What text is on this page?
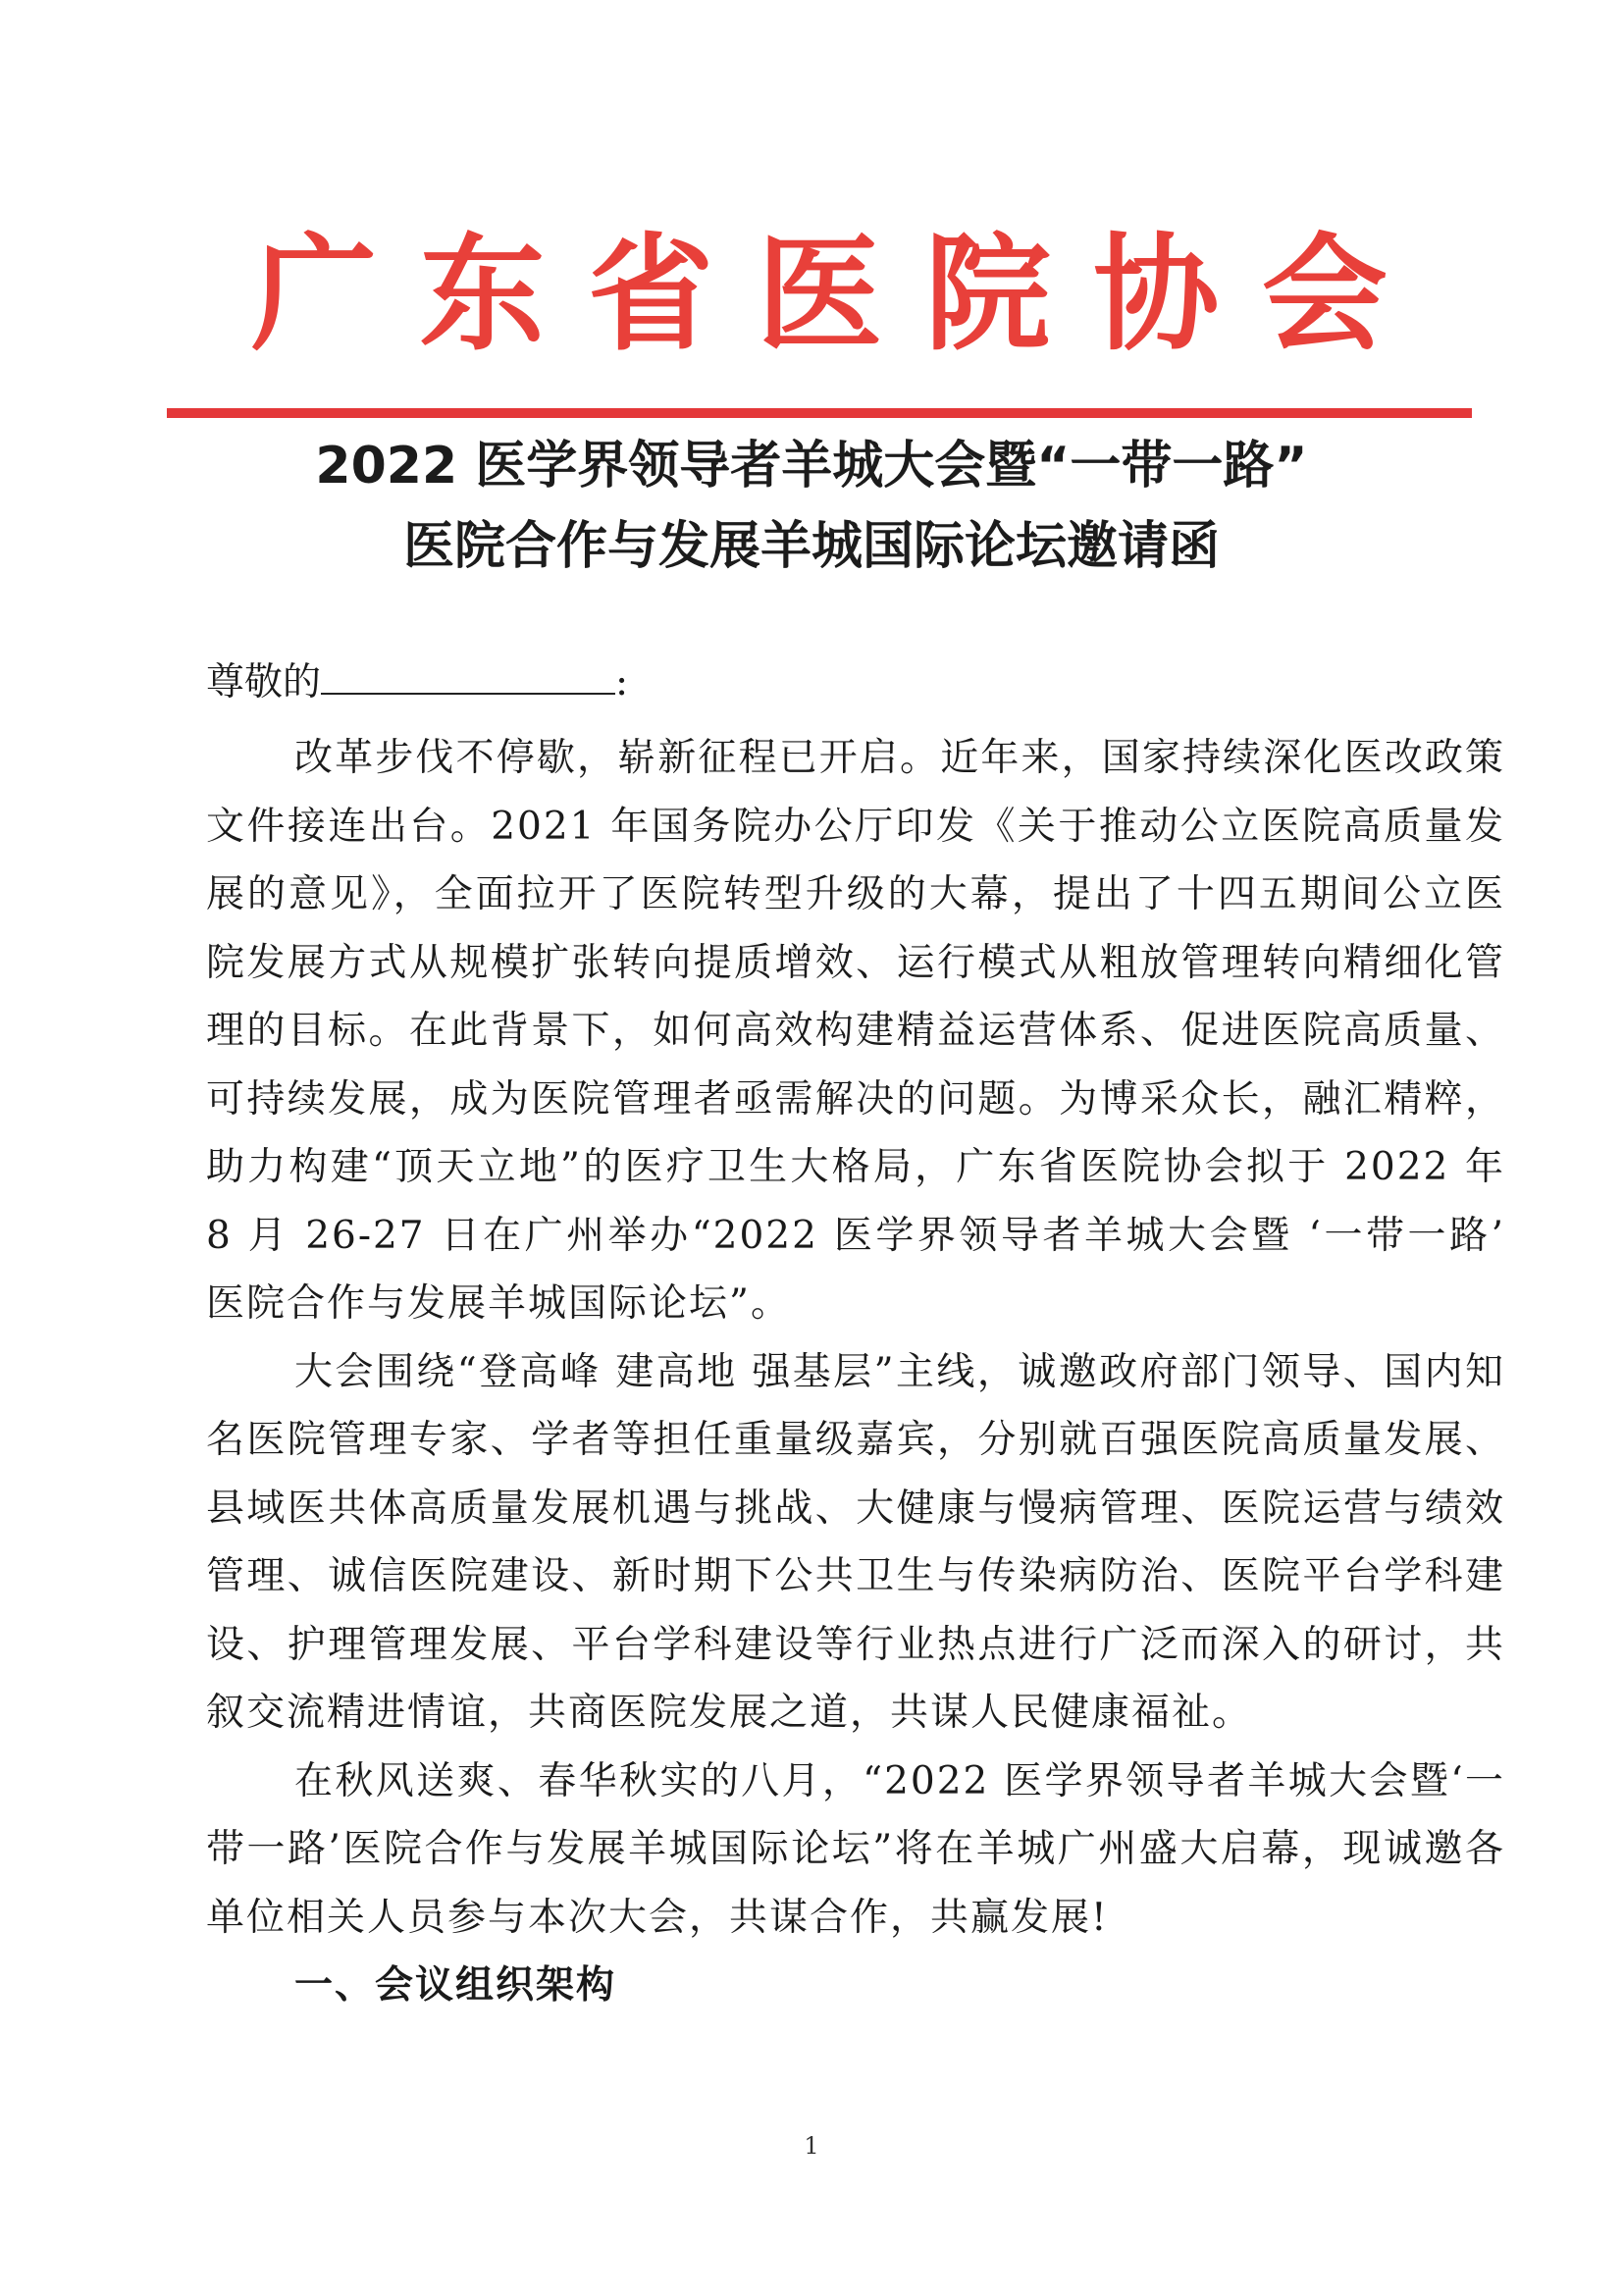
广 东 省 医 院 协 会
2022 医学界领导者羊城大会暨“一带一路”
医院合作与发展羊城国际论坛邀请函
尊敬的	:

改革步伐不停歇，崭新征程已开启。近年来，国家持续深化医改政策文件接连出台。2021 年国务院办公厅印发《关于推动公立医院高质量发展的意见》，全面拉开了医院转型升级的大幕，提出了十四五期间公立医院发展方式从规模扩张转向提质增效、运行模式从粗放管理转向精细化管理的目标。在此背景下，如何高效构建精益运营体系、促进医院高质量、可持续发展，成为医院管理者亟需解决的问题。为博采众长，融汇精粹，助力构建“顶天立地”的医疗卫生大格局，广东省医院协会拟于 2022 年 8 月 26-27 日在广州举办“2022 医学界领导者羊城大会暨 ‘一带一路’ 医院合作与发展羊城国际论坛”。

大会围绕“登高峰 建高地 强基层”主线，诚邀政府部门领导、国内知名医院管理专家、学者等担任重量级嘉宾，分别就百强医院高质量发展、县域医共体高质量发展机遇与挑战、大健康与慢病管理、医院运营与绩效管理、诚信医院建设、新时期下公共卫生与传染病防治、医院平台学科建设、护理管理发展、平台学科建设等行业热点进行广泛而深入的研讨，共叙交流精进情谊，共商医院发展之道，共谋人民健康福祉。

在秋风送爽、春华秋实的八月，“2022 医学界领导者羊城大会暨‘一带一路’医院合作与发展羊城国际论坛”将在羊城广州盛大启幕，现诚邀各单位相关人员参与本次大会，共谋合作，共赢发展!

一、会议组织架构
1
